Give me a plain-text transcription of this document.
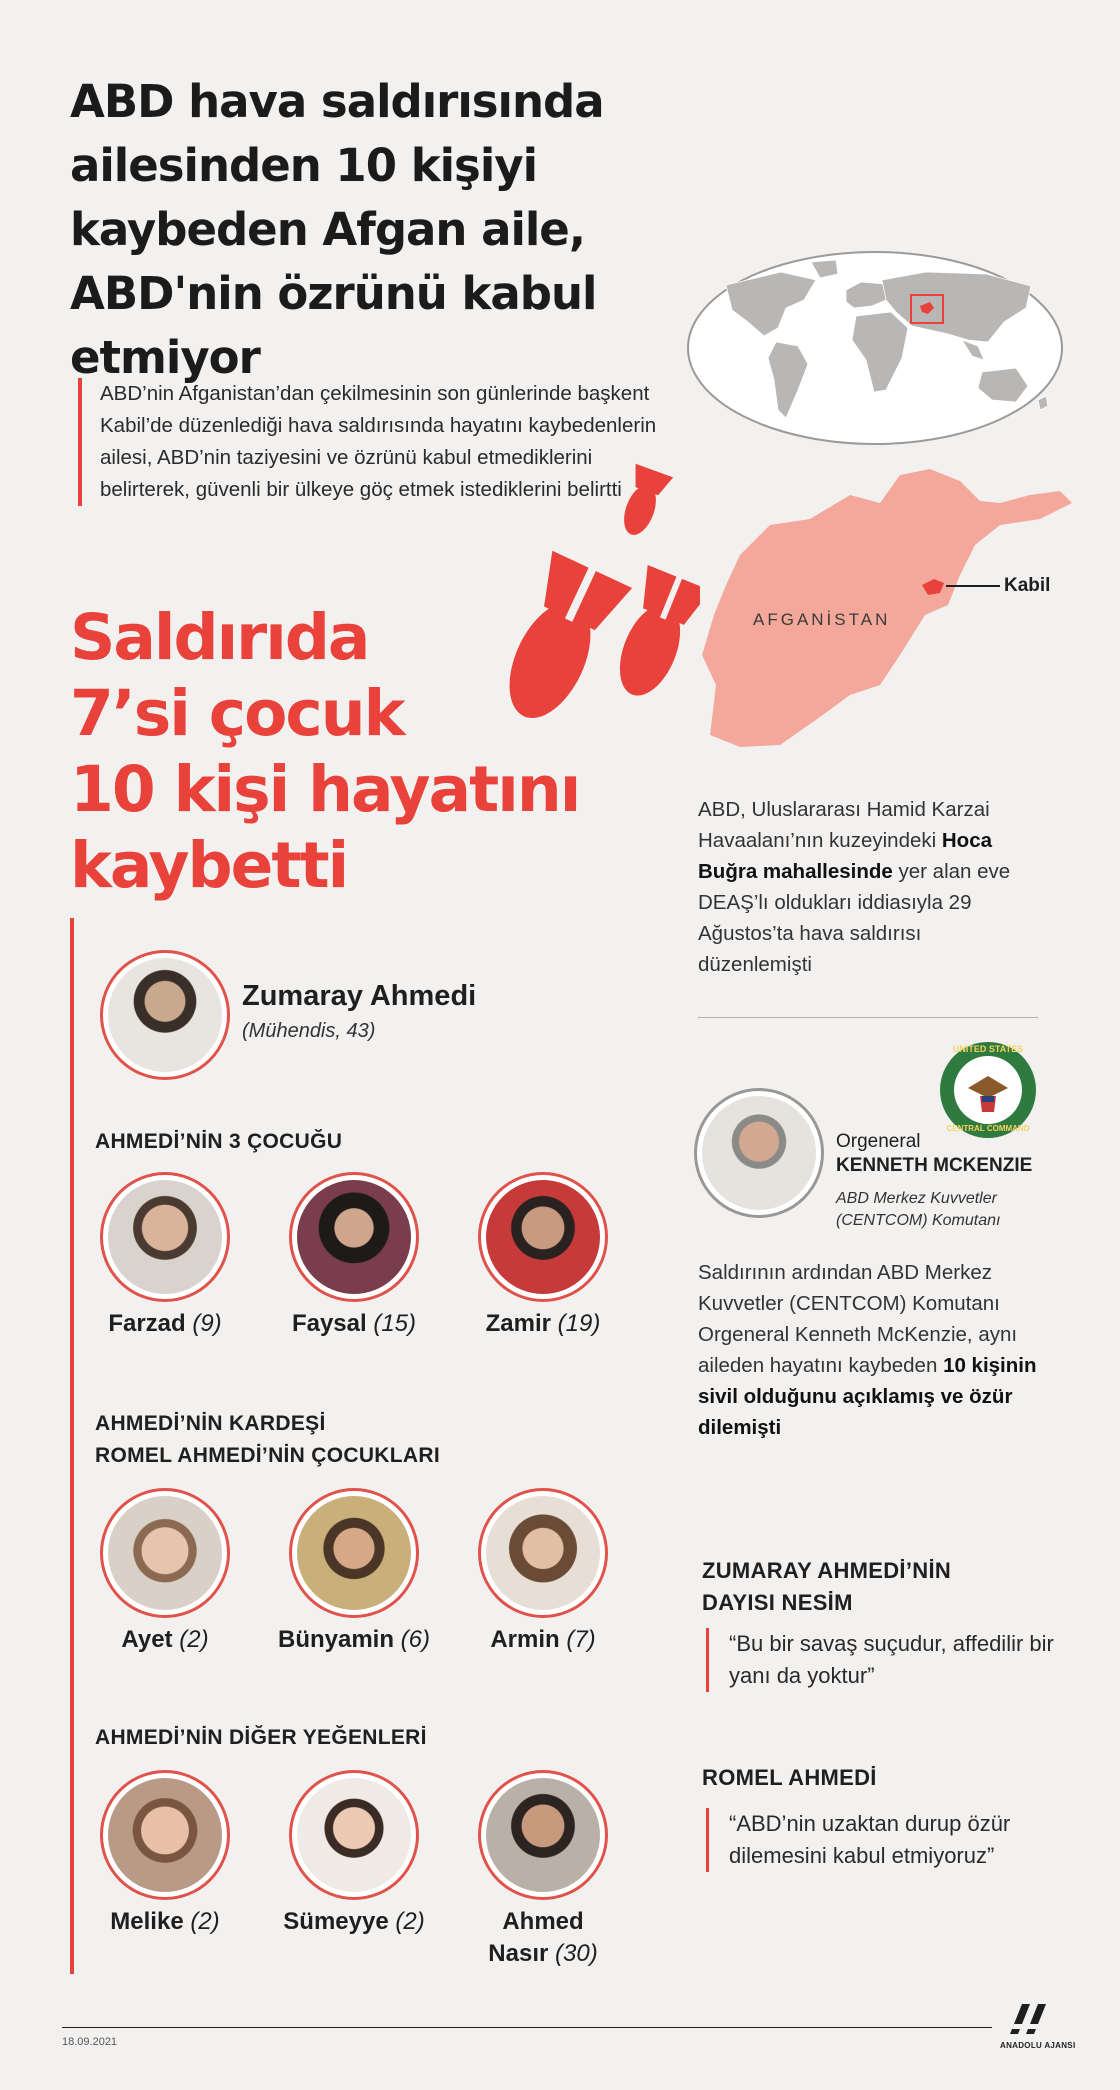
ABD hava saldırısında ailesinden 10 kişiyi kaybeden Afgan aile, ABD'nin özrünü kabul etmiyor
AFGANİSTAN
Kabil
ABD’nin Afganistan’dan çekilmesinin son günlerinde başkent Kabil’de düzenlediği hava saldırısında hayatını kaybedenlerin ailesi, ABD’nin taziyesini ve özrünü kabul etmediklerini belirterek, güvenli bir ülkeye göç etmek istediklerini belirtti
Saldırıda
7’si çocuk
10 kişi hayatını
kaybetti
ABD, Uluslararası Hamid Karzai Havaalanı’nın kuzeyindeki Hoca Buğra mahallesinde yer alan eve DEAŞ’lı oldukları iddiasıyla 29 Ağustos’ta hava saldırısı düzenlemişti
Zumaray Ahmedi
(Mühendis, 43)
AHMEDİ’NİN 3 ÇOCUĞU
Farzad (9)	Faysal (15)	Zamir (19)
AHMEDİ’NİN KARDEŞİ
ROMEL AHMEDİ’NİN ÇOCUKLARI
Ayet (2)	Bünyamin (6)	Armin (7)
AHMEDİ’NİN DİĞER YEĞENLERİ
Melike (2)	Sümeyye (2)	Ahmed
Nasır (30)
UNITED STATES
CENTRAL COMMAND
Orgeneral
KENNETH MCKENZIE
ABD Merkez Kuvvetler
(CENTCOM) Komutanı
Saldırının ardından ABD Merkez Kuvvetler (CENTCOM) Komutanı Orgeneral Kenneth McKenzie, aynı aileden hayatını kaybeden 10 kişinin sivil olduğunu açıklamış ve özür dilemişti
ZUMARAY AHMEDİ’NİN
DAYISI NESİM
“Bu bir savaş suçudur, affedilir bir yanı da yoktur”
ROMEL AHMEDİ
“ABD’nin uzaktan durup özür dilemesini kabul etmiyoruz”
18.09.2021	ANADOLU AJANSI
